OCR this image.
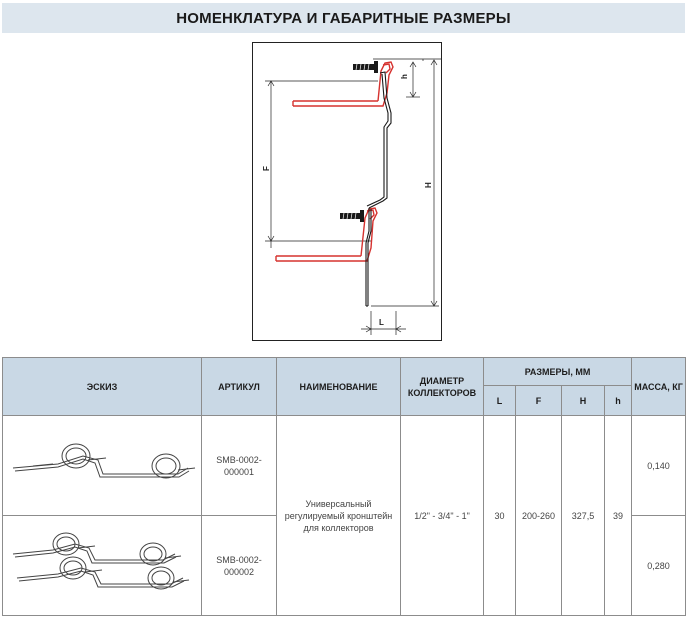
НОМЕНКЛАТУРА И ГАБАРИТНЫЕ РАЗМЕРЫ
h
F
H
L
ЭСКИЗ	АРТИКУЛ	НАИМЕНОВАНИЕ	ДИАМЕТР КОЛЛЕКТОРОВ	РАЗМЕРЫ, ММ				МАССА, КГ
				L	F	H	h	
	SMB-0002-000001	Универсальный регулируемый кронштейн для коллекторов	1/2" - 3/4" - 1"	30	200-260	327,5	39	0,140
	SMB-0002-000002							0,280
